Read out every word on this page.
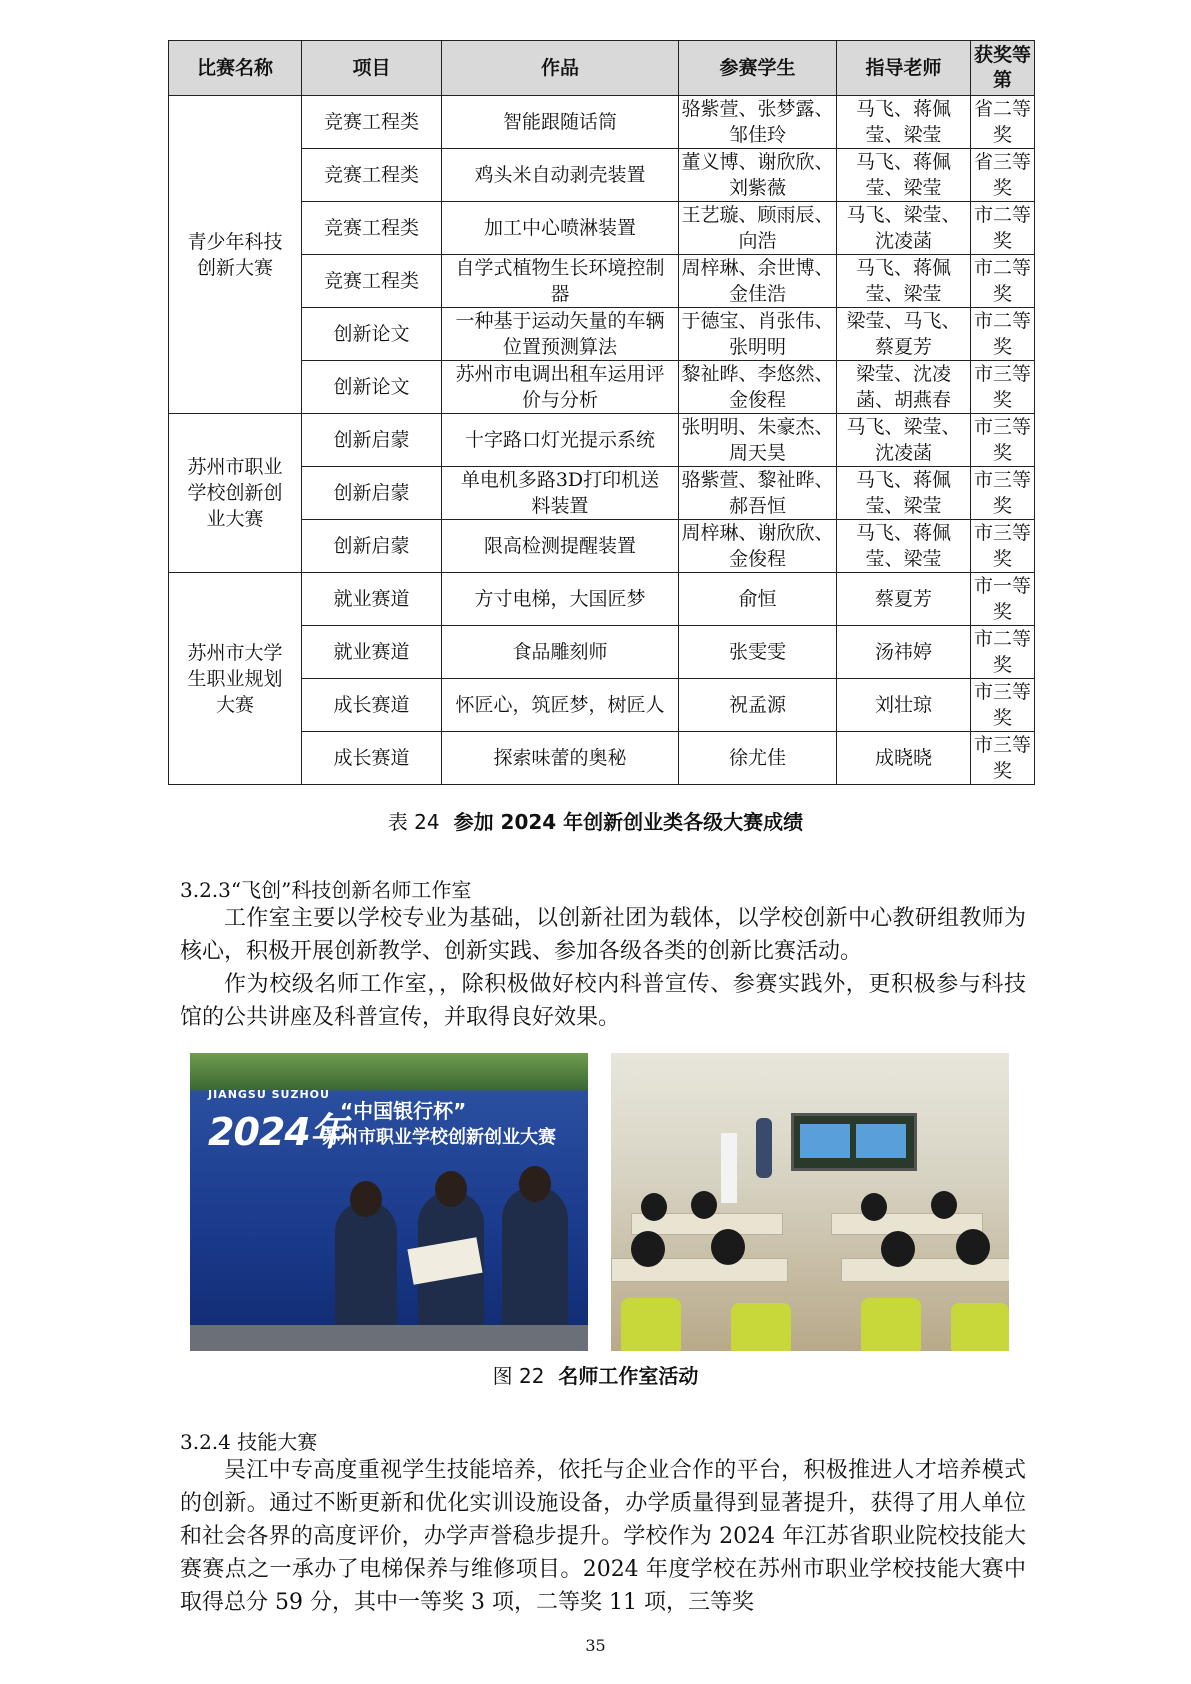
比赛名称	项目	作品	参赛学生	指导老师	获奖等第
青少年科技创新大赛	竞赛工程类	智能跟随话筒	骆紫萱、张梦露、邹佳玲	马飞、蒋佩莹、梁莹	省二等奖
	竞赛工程类	鸡头米自动剥壳装置	董义博、谢欣欣、刘紫薇	马飞、蒋佩莹、梁莹	省三等奖
	竞赛工程类	加工中心喷淋装置	王艺璇、顾雨辰、向浩	马飞、梁莹、沈凌菡	市二等奖
	竞赛工程类	自学式植物生长环境控制器	周梓琳、余世博、金佳浩	马飞、蒋佩莹、梁莹	市二等奖
	创新论文	一种基于运动矢量的车辆位置预测算法	于德宝、肖张伟、张明明	梁莹、马飞、蔡夏芳	市二等奖
	创新论文	苏州市电调出租车运用评价与分析	黎祉晔、李悠然、金俊程	梁莹、沈凌菡、胡燕春	市三等奖
苏州市职业学校创新创业大赛	创新启蒙	十字路口灯光提示系统	张明明、朱豪杰、周天昊	马飞、梁莹、沈凌菡	市三等奖
	创新启蒙	单电机多路3D打印机送料装置	骆紫萱、黎祉晔、郝吾恒	马飞、蒋佩莹、梁莹	市三等奖
	创新启蒙	限高检测提醒装置	周梓琳、谢欣欣、金俊程	马飞、蒋佩莹、梁莹	市三等奖
苏州市大学生职业规划大赛	就业赛道	方寸电梯，大国匠梦	俞恒	蔡夏芳	市一等奖
	就业赛道	食品雕刻师	张雯雯	汤祎婷	市二等奖
	成长赛道	怀匠心，筑匠梦，树匠人	祝孟源	刘壮琼	市三等奖
	成长赛道	探索味蕾的奥秘	徐尤佳	成晓晓	市三等奖
表 24 参加 2024 年创新创业类各级大赛成绩
3.2.3“飞创”科技创新名师工作室

工作室主要以学校专业为基础，以创新社团为载体，以学校创新中心教研组教师为核心，积极开展创新教学、创新实践、参加各级各类的创新比赛活动。

作为校级名师工作室，，除积极做好校内科普宣传、参赛实践外，更积极参与科技馆的公共讲座及科普宣传，并取得良好效果。

JIANGSU SUZHOU
2024年
“中国银行杯”
苏州市职业学校创新创业大赛
图 22 名师工作室活动
3.2.4 技能大赛

吴江中专高度重视学生技能培养，依托与企业合作的平台，积极推进人才培养模式的创新。通过不断更新和优化实训设施设备，办学质量得到显著提升，获得了用人单位和社会各界的高度评价，办学声誉稳步提升。学校作为 2024 年江苏省职业院校技能大赛赛点之一承办了电梯保养与维修项目。2024 年度学校在苏州市职业学校技能大赛中取得总分 59 分，其中一等奖 3 项，二等奖 11 项，三等奖

35
